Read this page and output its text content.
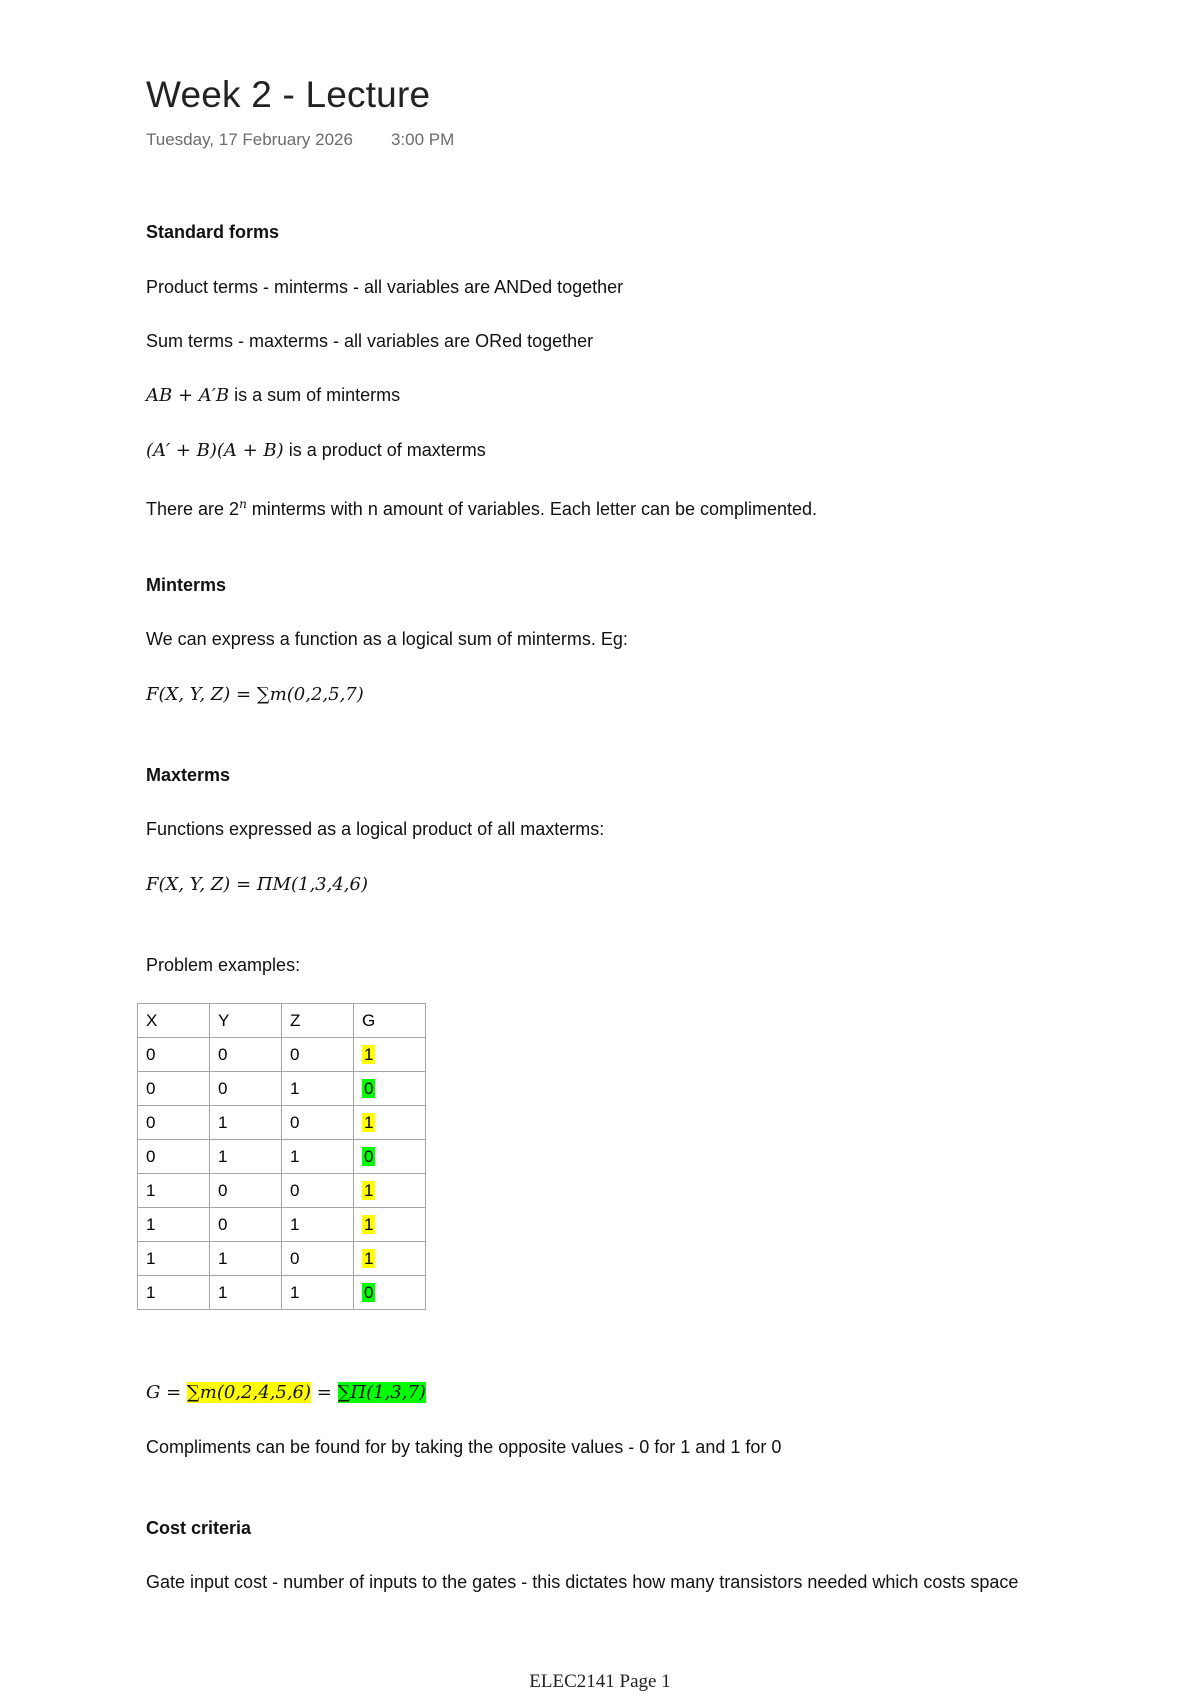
Week 2 - Lecture
Tuesday, 17 February 2026 3:00 PM
Standard forms
Product terms - minterms - all variables are ANDed together
Sum terms - maxterms - all variables are ORed together
AB + A′B is a sum of minterms
(A′ + B)(A + B) is a product of maxterms
There are 2$^n$ minterms with n amount of variables. Each letter can be complimented.
Minterms
We can express a function as a logical sum of minterms. Eg:
F(X, Y, Z) = ∑m(0,2,5,7)
Maxterms
Functions expressed as a logical product of all maxterms:
F(X, Y, Z) = ΠM(1,3,4,6)
Problem examples:
X	Y	Z	G
0	0	0	1
0	0	1	0
0	1	0	1
0	1	1	0
1	0	0	1
1	0	1	1
1	1	0	1
1	1	1	0
G = ∑m(0,2,4,5,6) = ∑Π(1,3,7)
Compliments can be found for by taking the opposite values - 0 for 1 and 1 for 0
Cost criteria
Gate input cost - number of inputs to the gates - this dictates how many transistors needed which costs space
ELEC2141 Page 1
